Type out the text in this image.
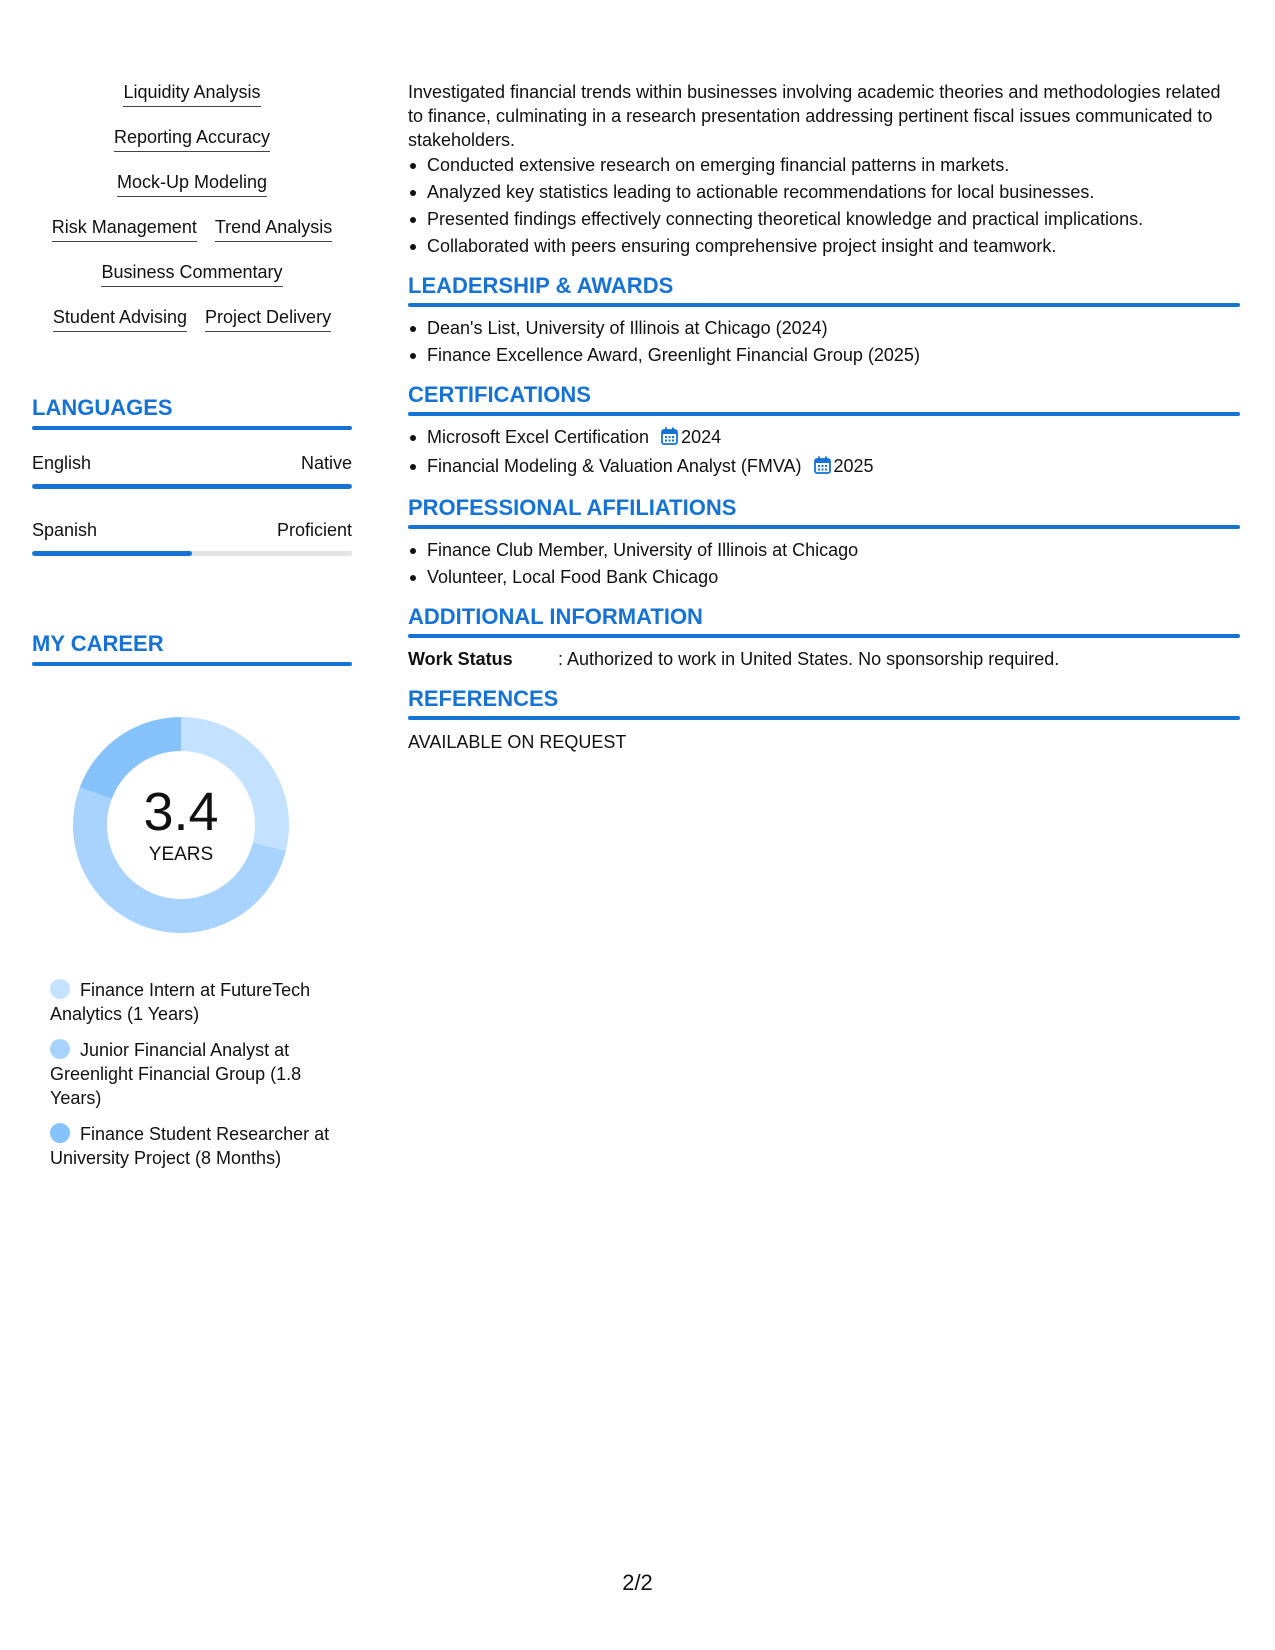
Liquidity Analysis
Reporting Accuracy
Mock-Up Modeling
Risk Management Trend Analysis
Business Commentary
Student Advising Project Delivery
LANGUAGES
English	Native
Spanish	Proficient
MY CAREER
3.4
YEARS
Finance Intern at FutureTech Analytics (1 Years)
Junior Financial Analyst at Greenlight Financial Group (1.8 Years)
Finance Student Researcher at University Project (8 Months)

Investigated financial trends within businesses involving academic theories and methodologies related to finance, culminating in a research presentation addressing pertinent fiscal issues communicated to stakeholders.

Conducted extensive research on emerging financial patterns in markets.
Analyzed key statistics leading to actionable recommendations for local businesses.
Presented findings effectively connecting theoretical knowledge and practical implications.
Collaborated with peers ensuring comprehensive project insight and teamwork.
LEADERSHIP & AWARDS
Dean's List, University of Illinois at Chicago (2024)
Finance Excellence Award, Greenlight Financial Group (2025)
CERTIFICATIONS
Microsoft Excel Certification 2024
Financial Modeling & Valuation Analyst (FMVA) 2025
PROFESSIONAL AFFILIATIONS
Finance Club Member, University of Illinois at Chicago
Volunteer, Local Food Bank Chicago
ADDITIONAL INFORMATION
Work Status	: Authorized to work in United States. No sponsorship required.
REFERENCES
AVAILABLE ON REQUEST
2/2
